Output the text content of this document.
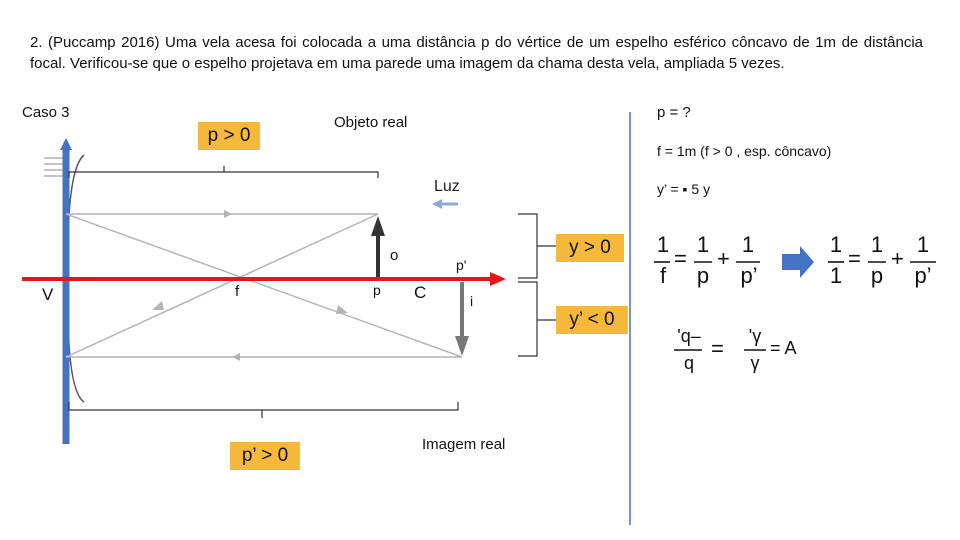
2. (Puccamp 2016) Uma vela acesa foi colocada a uma distância p do vértice de um espelho esférico côncavo de 1m de distância focal. Verificou-se que o espelho projetava em uma parede uma imagem da chama desta vela, ampliada 5 vezes.
Caso 3
Objeto real
Imagem real
Luz
V	f	C
o
p
p'
i
p > 0
p’ > 0
y > 0
y’ < 0
p = ?
f = 1m (f > 0 , esp. côncavo)
y’ = ▪ 5 y
1
f
=
1
p
+
1
p’
1
1
=
1
p
+
1
p’
'q–
q
= 'γ
γ
= A
